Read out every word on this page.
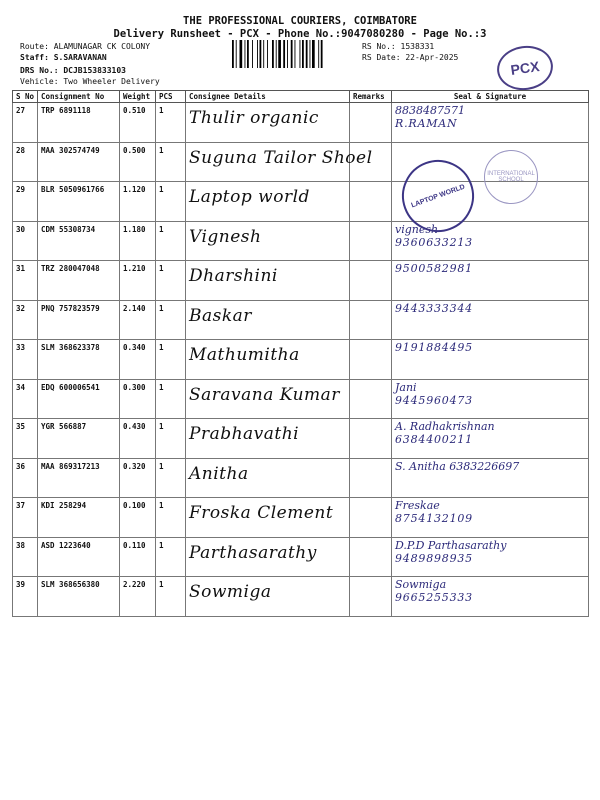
THE PROFESSIONAL COURIERS, COIMBATORE
Delivery Runsheet - PCX - Phone No.:9047080280 - Page No.:3
Route: ALAMUNAGAR CK COLONY
Staff: S.SARAVANAN
DRS No.: DCJB15383310​3
Vehicle: Two Wheeler Delivery
RS No.: 1538331
RS Date: 22-Apr-2025
PCX
S No	Consignment No	Weight	PCS	Consignee Details	Remarks	Seal & Signature
27	TRP 6891118	0.510	1	Thulir organic		8838487571
R.RAMAN

28	MAA 302574749	0.500	1	Suguna Tailor Shoel		

29	BLR 5050961766	1.120	1	Laptop world		

30	CDM 55308734	1.180	1	Vignesh		vignesh
9360633213

31	TRZ 280047048	1.210	1	Dharshini		9500582981

32	PNQ 757823579	2.140	1	Baskar		9443333344

33	SLM 368623378	0.340	1	Mathumitha		9191884495

34	EDQ 600006541	0.300	1	Saravana Kumar		Jani
9445960473

35	YGR 566887	0.430	1	Prabhavathi		A. Radhakrishnan
6384400211

36	MAA 869317213	0.320	1	Anitha		S. Anitha 6383226697

37	KDI 258294	0.100	1	Froska Clement		Freskae
8754132109

38	ASD 1223640	0.110	1	Parthasarathy		D.P.D Parthasarathy
9489898935

39	SLM 368656380	2.220	1	Sowmiga		Sowmiga
9665255333
LAPTOP WORLD
INTERNATIONAL SCHOOL
